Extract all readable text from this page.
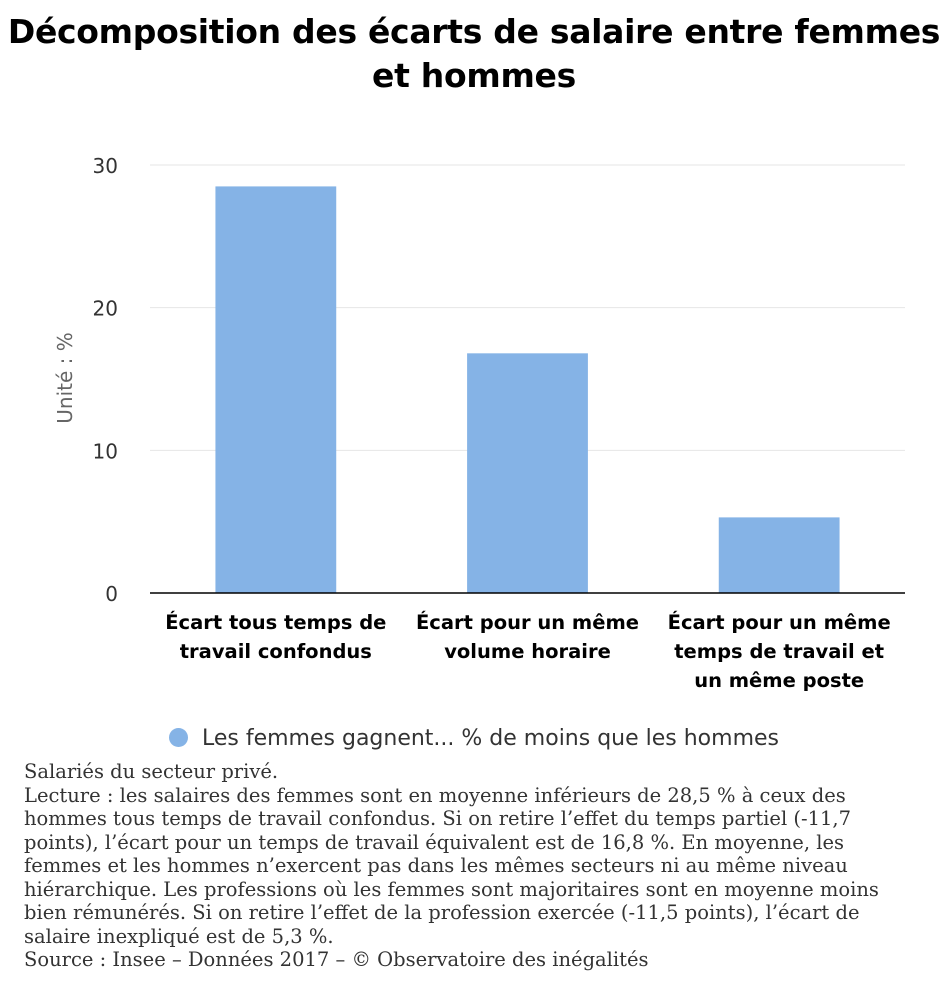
Décomposition des écarts de salaire entre femmes et hommes
0
10
20
30
Écart tous temps de travail confondus
Écart pour un même volume horaire
Écart pour un même temps de travail et un même poste
Unité : %
Les femmes gagnent... % de moins que les hommes

Salariés du secteur privé.

Lecture : les salaires des femmes sont en moyenne inférieurs de 28,5 % à ceux des hommes tous temps de travail confondus. Si on retire l’effet du temps partiel (-11,7 points), l’écart pour un temps de travail équivalent est de 16,8 %. En moyenne, les femmes et les hommes n’exercent pas dans les mêmes secteurs ni au même niveau hiérarchique. Les professions où les femmes sont majoritaires sont en moyenne moins bien rémunérés. Si on retire l’effet de la profession exercée (-11,5 points), l’écart de salaire inexpliqué est de 5,3 %.

Source : Insee – Données 2017 – © Observatoire des inégalités
